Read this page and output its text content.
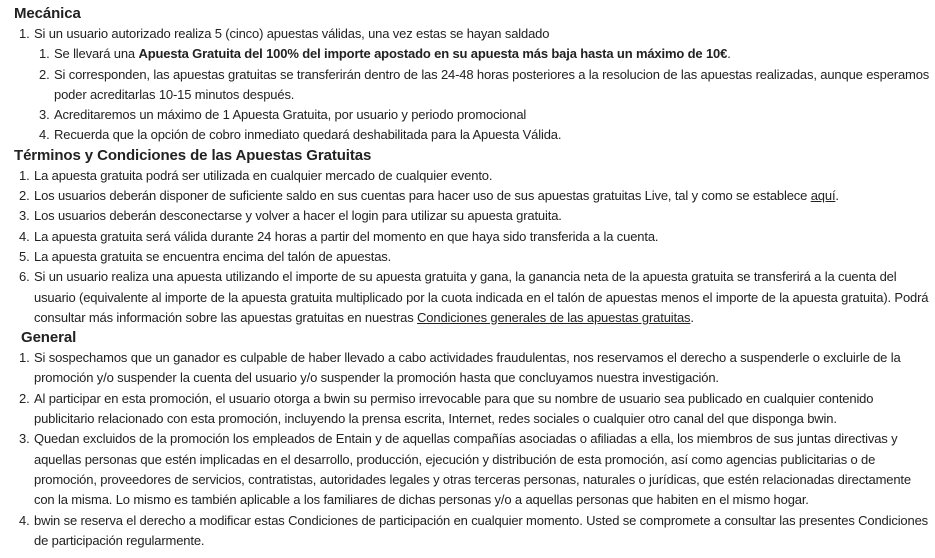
Mecánica
1. Si un usuario autorizado realiza 5 (cinco) apuestas válidas, una vez estas se hayan saldado
1. Se llevará una Apuesta Gratuita del 100% del importe apostado en su apuesta más baja hasta un máximo de 10€.
2. Si corresponden, las apuestas gratuitas se transferirán dentro de las 24-48 horas posteriores a la resolucion de las apuestas realizadas, aunque esperamos poder acreditarlas 10-15 minutos después.
3. Acreditaremos un máximo de 1 Apuesta Gratuita, por usuario y periodo promocional
4. Recuerda que la opción de cobro inmediato quedará deshabilitada para la Apuesta Válida.
Términos y Condiciones de las Apuestas Gratuitas
1. La apuesta gratuita podrá ser utilizada en cualquier mercado de cualquier evento.
2. Los usuarios deberán disponer de suficiente saldo en sus cuentas para hacer uso de sus apuestas gratuitas Live, tal y como se establece aquí.
3. Los usuarios deberán desconectarse y volver a hacer el login para utilizar su apuesta gratuita.
4. La apuesta gratuita será válida durante 24 horas a partir del momento en que haya sido transferida a la cuenta.
5. La apuesta gratuita se encuentra encima del talón de apuestas.
6. Si un usuario realiza una apuesta utilizando el importe de su apuesta gratuita y gana, la ganancia neta de la apuesta gratuita se transferirá a la cuenta del usuario (equivalente al importe de la apuesta gratuita multiplicado por la cuota indicada en el talón de apuestas menos el importe de la apuesta gratuita). Podrá consultar más información sobre las apuestas gratuitas en nuestras Condiciones generales de las apuestas gratuitas.
General
1. Si sospechamos que un ganador es culpable de haber llevado a cabo actividades fraudulentas, nos reservamos el derecho a suspenderle o excluirle de la promoción y/o suspender la cuenta del usuario y/o suspender la promoción hasta que concluyamos nuestra investigación.
2. Al participar en esta promoción, el usuario otorga a bwin su permiso irrevocable para que su nombre de usuario sea publicado en cualquier contenido publicitario relacionado con esta promoción, incluyendo la prensa escrita, Internet, redes sociales o cualquier otro canal del que disponga bwin.
3. Quedan excluidos de la promoción los empleados de Entain y de aquellas compañías asociadas o afiliadas a ella, los miembros de sus juntas directivas y aquellas personas que estén implicadas en el desarrollo, producción, ejecución y distribución de esta promoción, así como agencias publicitarias o de promoción, proveedores de servicios, contratistas, autoridades legales y otras terceras personas, naturales o jurídicas, que estén relacionadas directamente con la misma. Lo mismo es también aplicable a los familiares de dichas personas y/o a aquellas personas que habiten en el mismo hogar.
4. bwin se reserva el derecho a modificar estas Condiciones de participación en cualquier momento. Usted se compromete a consultar las presentes Condiciones de participación regularmente.
